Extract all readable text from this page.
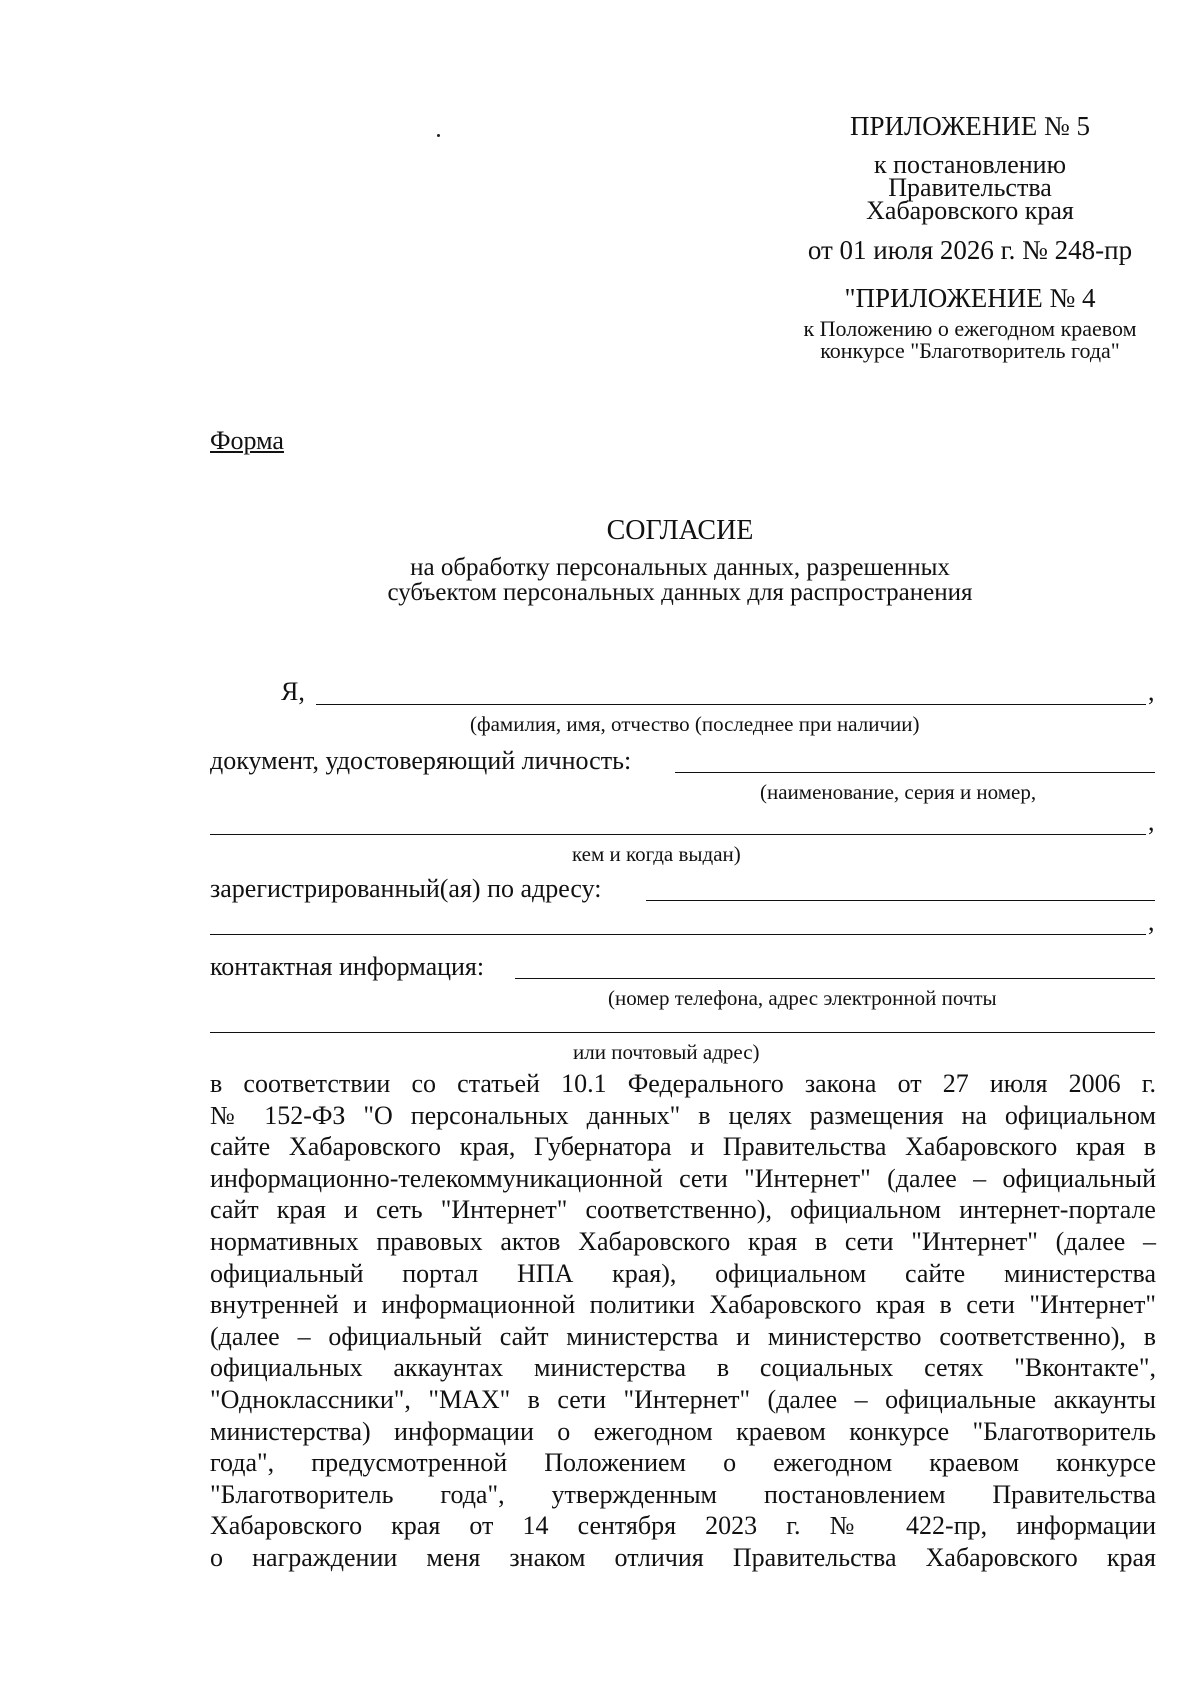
ПРИЛОЖЕНИЕ № 5
к постановлению
Правительства
Хабаровского края
от 01 июля 2026 г. № 248-пр
"ПРИЛОЖЕНИЕ № 4
к Положению о ежегодном краевом
конкурсе "Благотворитель года"
Форма
СОГЛАСИЕ
на обработку персональных данных, разрешенных
субъектом персональных данных для распространения
Я,	,
(фамилия, имя, отчество (последнее при наличии)
документ, удостоверяющий личность:
(наименование, серия и номер,
,
кем и когда выдан)
зарегистрированный(ая) по адресу:
,
контактная информация:
(номер телефона, адрес электронной почты
или почтовый адрес)
в соответствии со статьей 10.1 Федерального закона от 27 июля 2006 г.
№ 152-ФЗ "О персональных данных" в целях размещения на официальном
сайте Хабаровского края, Губернатора и Правительства Хабаровского края в
информационно-телекоммуникационной сети "Интернет" (далее – официальный
сайт края и сеть "Интернет" соответственно), официальном интернет-портале
нормативных правовых актов Хабаровского края в сети "Интернет" (далее –
официальный портал НПА края), официальном сайте министерства
внутренней и информационной политики Хабаровского края в сети "Интернет"
(далее – официальный сайт министерства и министерство соответственно), в
официальных аккаунтах министерства в социальных сетях "Вконтакте",
"Одноклассники", "MAX" в сети "Интернет" (далее – официальные аккаунты
министерства) информации о ежегодном краевом конкурсе "Благотворитель
года", предусмотренной Положением о ежегодном краевом конкурсе
"Благотворитель года", утвержденным постановлением Правительства
Хабаровского края от 14 сентября 2023 г. № 422-пр, информации
о награждении меня знаком отличия Правительства Хабаровского края
